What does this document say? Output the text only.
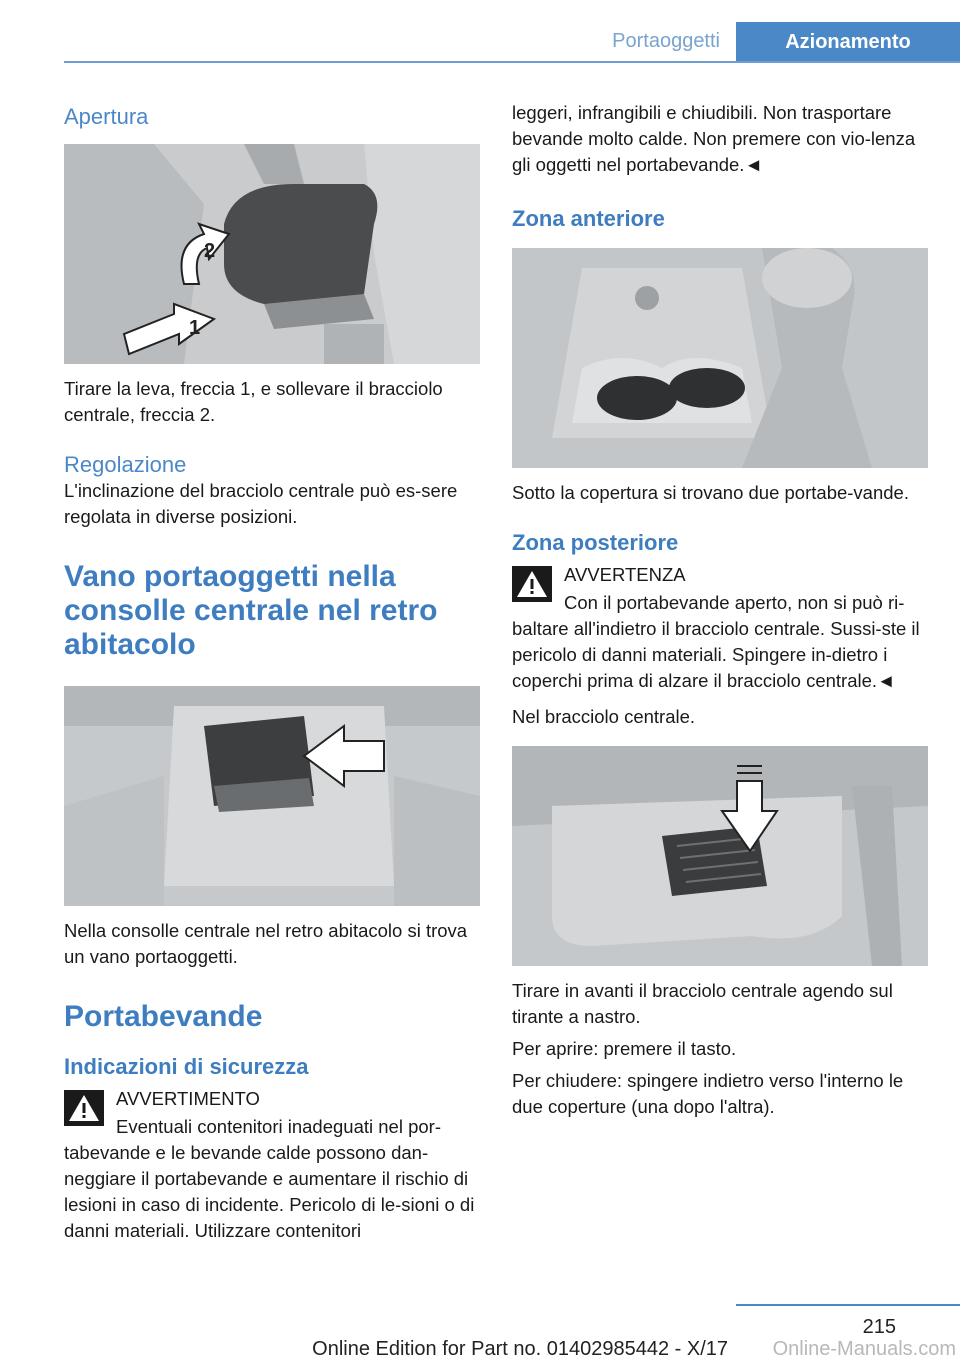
Portaoggetti	Azionamento
Apertura
1
2

Tirare la leva, freccia 1, e sollevare il bracciolo centrale, freccia 2.

Regolazione

L'inclinazione del bracciolo centrale può es-sere regolata in diverse posizioni.

Vano portaoggetti nella consolle centrale nel retro abitacolo

Nella consolle centrale nel retro abitacolo si trova un vano portaoggetti.

Portabevande
Indicazioni di sicurezza
AVVERTIMENTO

Eventuali contenitori inadeguati nel por-tabevande e le bevande calde possono dan-neggiare il portabevande e aumentare il rischio di lesioni in caso di incidente. Pericolo di le-sioni o di danni materiali. Utilizzare contenitori

leggeri, infrangibili e chiudibili. Non trasportare bevande molto calde. Non premere con vio-lenza gli oggetti nel portabevande.◄

Zona anteriore

Sotto la copertura si trovano due portabe-vande.

Zona posteriore
AVVERTENZA

Con il portabevande aperto, non si può ri-baltare all'indietro il bracciolo centrale. Sussi-ste il pericolo di danni materiali. Spingere in-dietro i coperchi prima di alzare il bracciolo centrale.◄

Nel bracciolo centrale.

Tirare in avanti il bracciolo centrale agendo sul tirante a nastro.

Per aprire: premere il tasto.

Per chiudere: spingere indietro verso l'interno le due coperture (una dopo l'altra).

215
Online Edition for Part no. 01402985442 - X/17 Online-Manuals.com
